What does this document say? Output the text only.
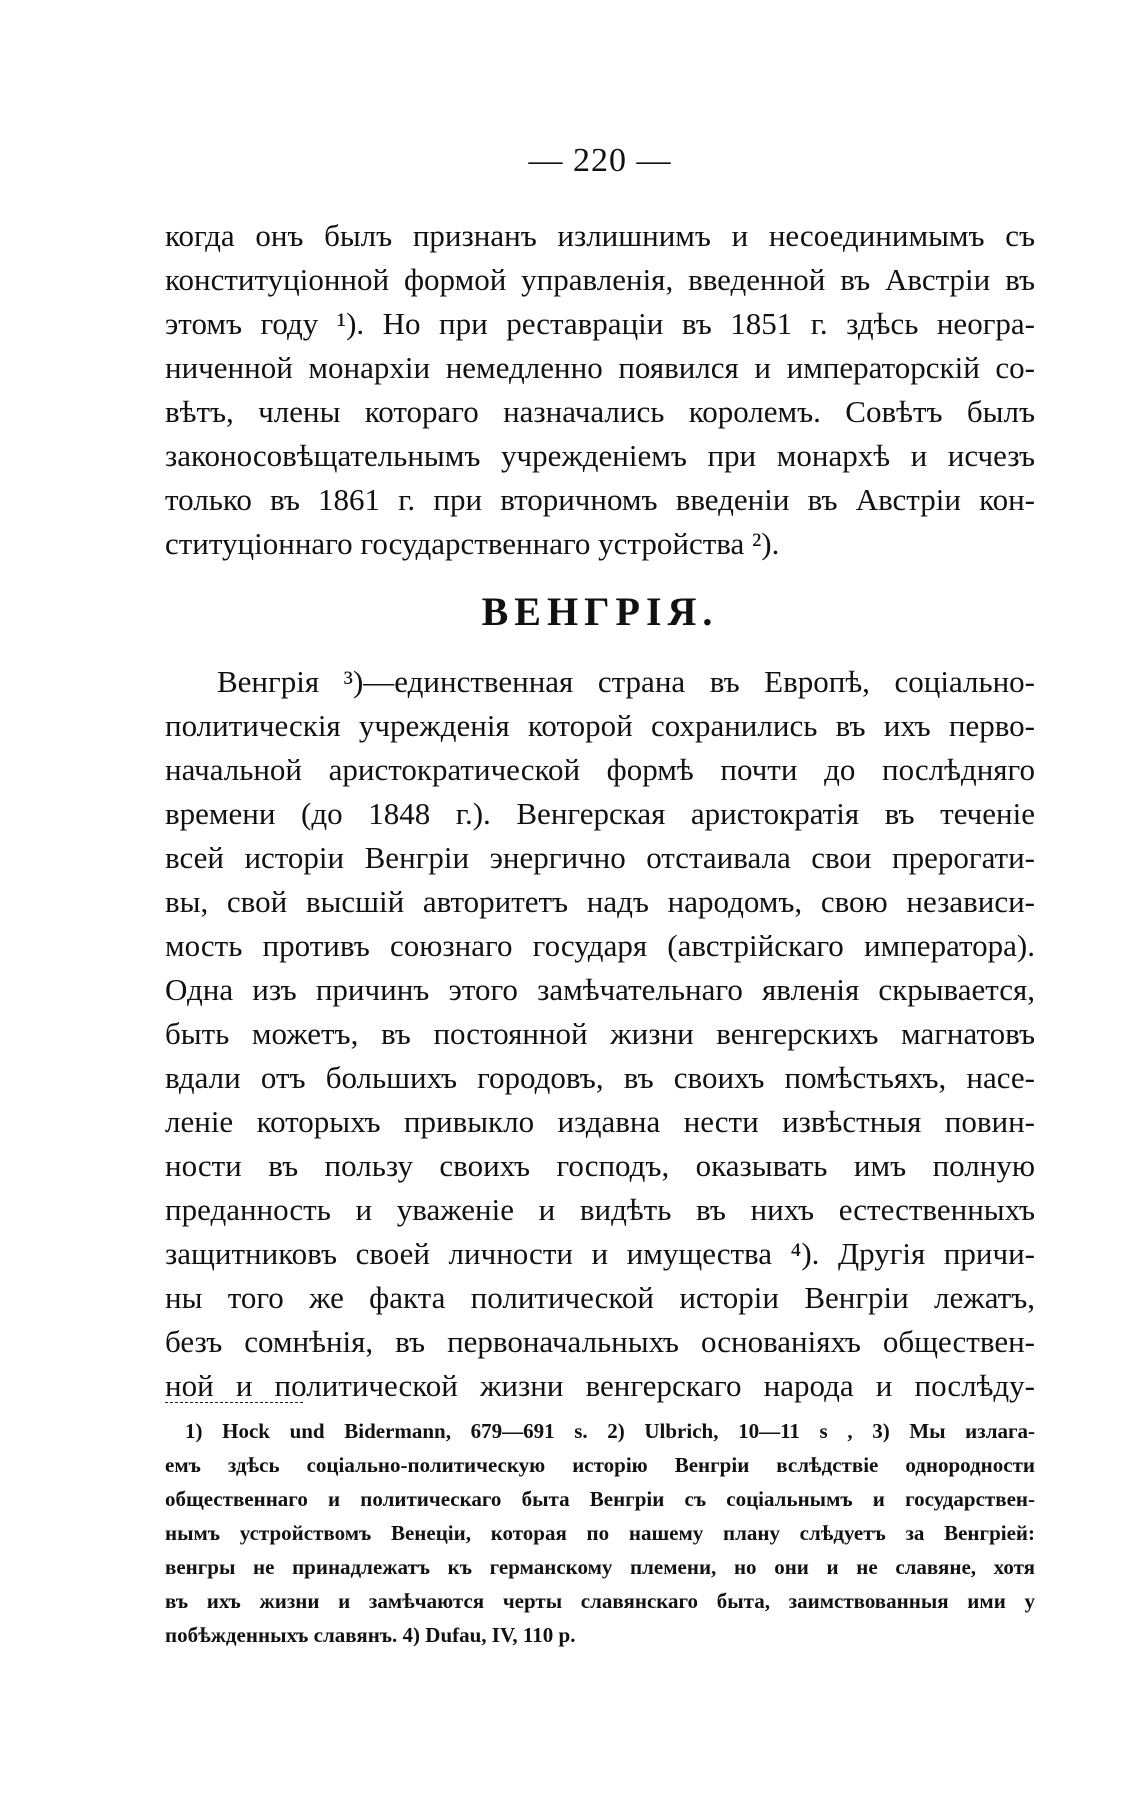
— 220 —
когда онъ былъ признанъ излишнимъ и несоединимымъ съ
конституціонной формой управленія, введенной въ Австріи въ
этомъ году ¹). Но при реставраціи въ 1851 г. здѣсь неогра-
ниченной монархіи немедленно появился и императорскій со-
вѣтъ, члены котораго назначались королемъ. Совѣтъ былъ
законосовѣщательнымъ учрежденіемъ при монархѣ и исчезъ
только въ 1861 г. при вторичномъ введеніи въ Австріи кон-
ституціоннаго государственнаго устройства ²).
ВЕНГРІЯ.
Венгрія ³)—единственная страна въ Европѣ, соціально-
политическія учрежденія которой сохранились въ ихъ перво-
начальной аристократической формѣ почти до послѣдняго
времени (до 1848 г.). Венгерская аристократія въ теченіе
всей исторіи Венгріи энергично отстаивала свои прерогати-
вы, свой высшій авторитетъ надъ народомъ, свою независи-
мость противъ союзнаго государя (австрійскаго императора).
Одна изъ причинъ этого замѣчательнаго явленія скрывается,
быть можетъ, въ постоянной жизни венгерскихъ магнатовъ
вдали отъ большихъ городовъ, въ своихъ помѣстьяхъ, насе-
леніе которыхъ привыкло издавна нести извѣстныя повин-
ности въ пользу своихъ господъ, оказывать имъ полную
преданность и уваженіе и видѣть въ нихъ естественныхъ
защитниковъ своей личности и имущества ⁴). Другія причи-
ны того же факта политической исторіи Венгріи лежатъ,
безъ сомнѣнія, въ первоначальныхъ основаніяхъ обществен-
ной и политической жизни венгерскаго народа и послѣду-
1) Hock und Bidermann, 679—691 s. 2) Ulbrich, 10—11 s , 3) Мы излага-
емъ здѣсь соціально-политическую исторію Венгріи вслѣдствіе однородности
общественнаго и политическаго быта Венгріи съ соціальнымъ и государствен-
нымъ устройствомъ Венеціи, которая по нашему плану слѣдуетъ за Венгріей:
венгры не принадлежатъ къ германскому племени, но они и не славяне, хотя
въ ихъ жизни и замѣчаются черты славянскаго быта, заимствованныя ими у
побѣжденныхъ славянъ. 4) Dufau, IV, 110 p.
